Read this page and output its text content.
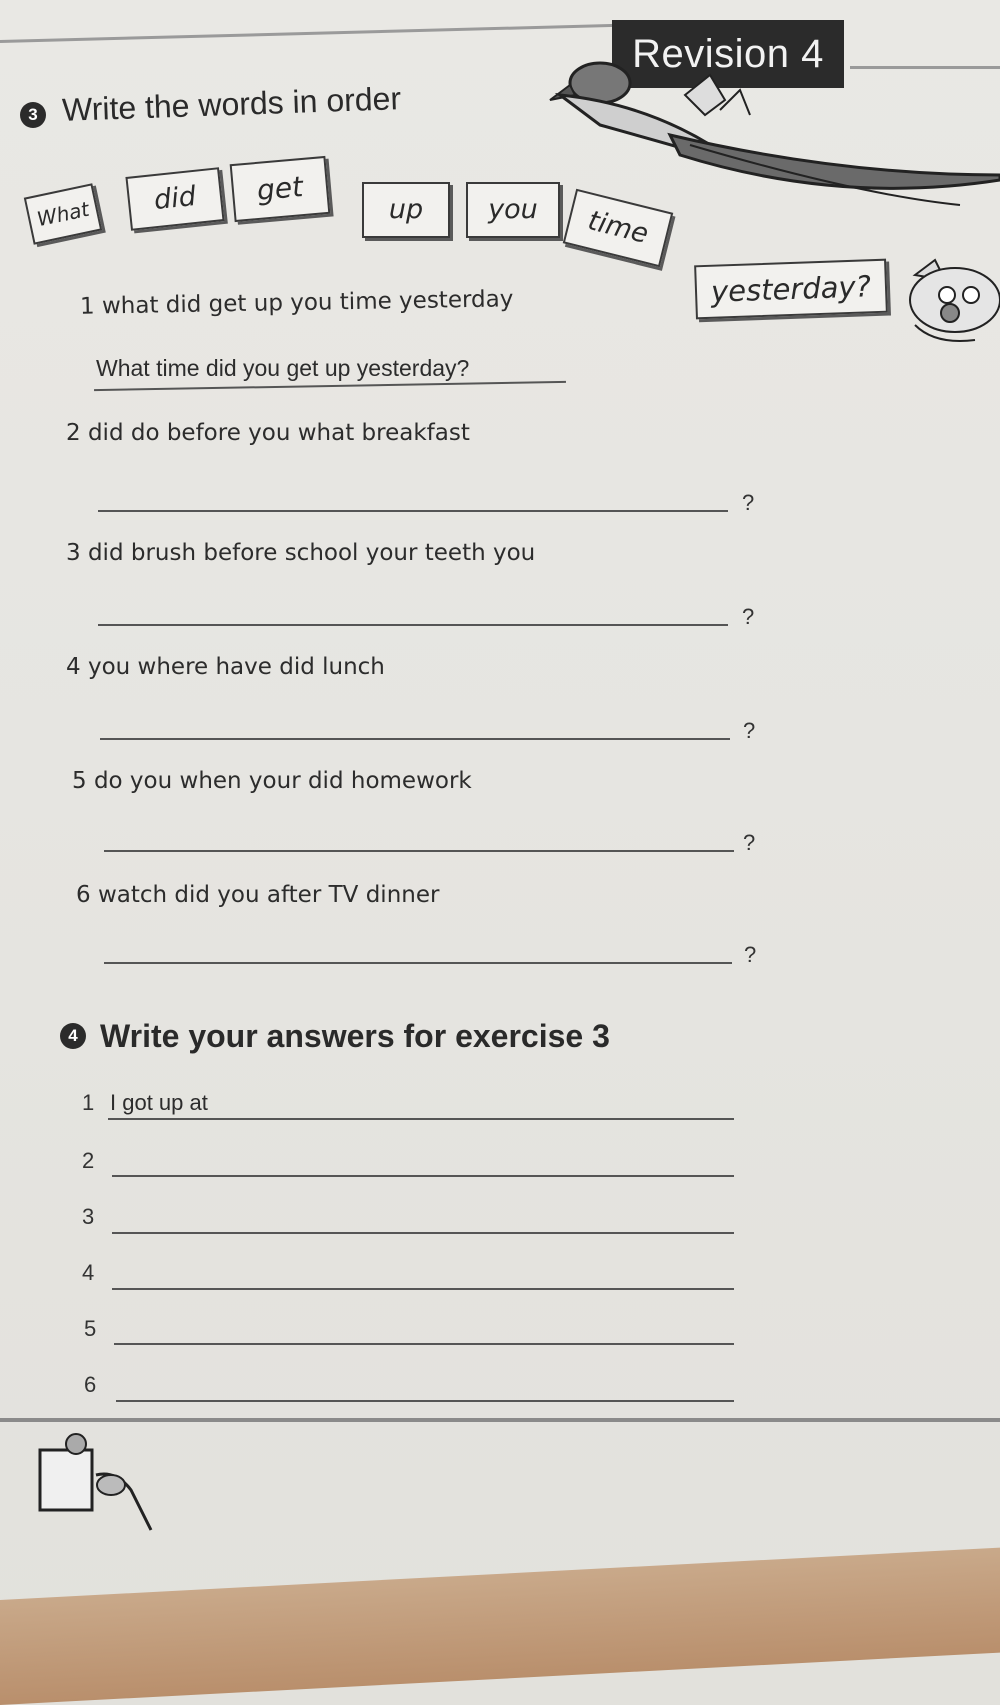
Revision 4
3 Write the words in order
What	did	get
up	you	time
yesterday?
1 what did get up you time yesterday
What time did you get up yesterday?
2 did do before you what breakfast
?
3 did brush before school your teeth you
?
4 you where have did lunch
?
5 do you when your did homework
?
6 watch did you after TV dinner
?
4 Write your answers for exercise 3
1 I got up at
2
3
4
5
6
